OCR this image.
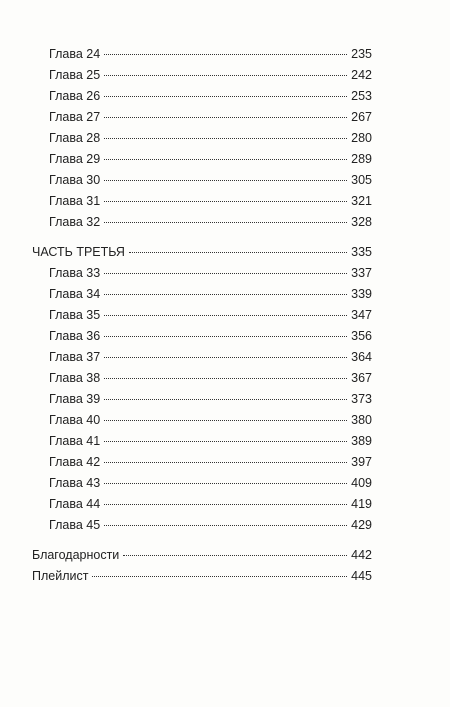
Глава 24	235
Глава 25	242
Глава 26	253
Глава 27	267
Глава 28	280
Глава 29	289
Глава 30	305
Глава 31	321
Глава 32	328
ЧАСТЬ ТРЕТЬЯ	335
Глава 33	337
Глава 34	339
Глава 35	347
Глава 36	356
Глава 37	364
Глава 38	367
Глава 39	373
Глава 40	380
Глава 41	389
Глава 42	397
Глава 43	409
Глава 44	419
Глава 45	429
Благодарности	442
Плейлист	445
